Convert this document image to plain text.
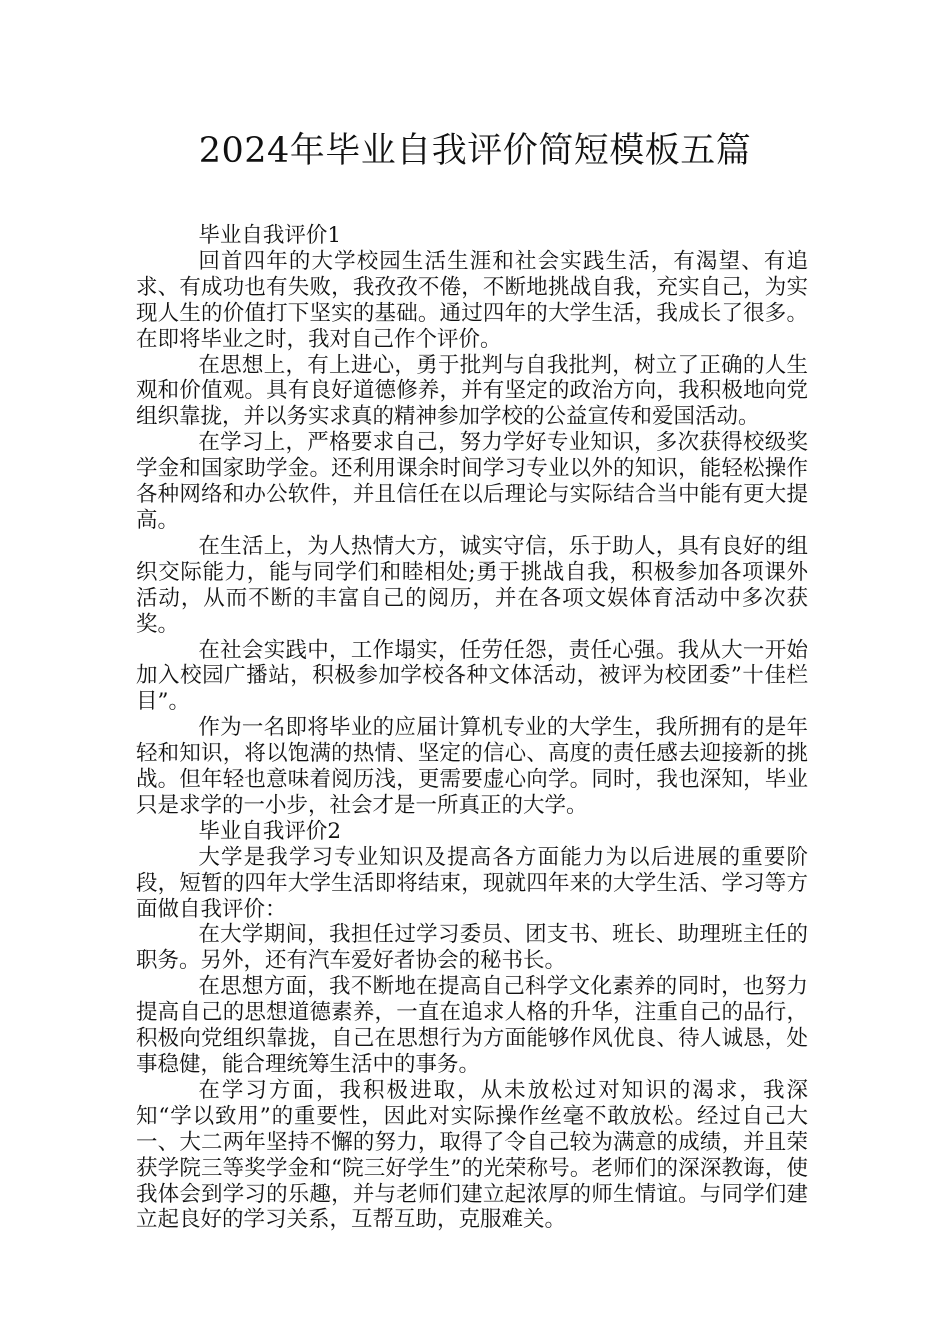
2024年毕业自我评价简短模板五篇

毕业自我评价1

回首四年的大学校园生活生涯和社会实践生活，有渴望、有追求、有成功也有失败，我孜孜不倦，不断地挑战自我，充实自己，为实现人生的价值打下坚实的基础。通过四年的大学生活，我成长了很多。在即将毕业之时，我对自己作个评价。

在思想上，有上进心，勇于批判与自我批判，树立了正确的人生观和价值观。具有良好道德修养，并有坚定的政治方向，我积极地向党组织靠拢，并以务实求真的精神参加学校的公益宣传和爱国活动。

在学习上，严格要求自己，努力学好专业知识，多次获得校级奖学金和国家助学金。还利用课余时间学习专业以外的知识，能轻松操作各种网络和办公软件，并且信任在以后理论与实际结合当中能有更大提高。

在生活上，为人热情大方，诚实守信，乐于助人，具有良好的组织交际能力，能与同学们和睦相处;勇于挑战自我，积极参加各项课外活动，从而不断的丰富自己的阅历，并在各项文娱体育活动中多次获奖。

在社会实践中，工作塌实，任劳任怨，责任心强。我从大一开始加入校园广播站，积极参加学校各种文体活动，被评为校团委”十佳栏目”。

作为一名即将毕业的应届计算机专业的大学生，我所拥有的是年轻和知识，将以饱满的热情、坚定的信心、高度的责任感去迎接新的挑战。但年轻也意味着阅历浅，更需要虚心向学。同时，我也深知，毕业只是求学的一小步，社会才是一所真正的大学。

毕业自我评价2

大学是我学习专业知识及提高各方面能力为以后进展的重要阶段，短暂的四年大学生活即将结束，现就四年来的大学生活、学习等方面做自我评价：

在大学期间，我担任过学习委员、团支书、班长、助理班主任的职务。另外，还有汽车爱好者协会的秘书长。

在思想方面，我不断地在提高自己科学文化素养的同时，也努力提高自己的思想道德素养，一直在追求人格的升华，注重自己的品行，积极向党组织靠拢，自己在思想行为方面能够作风优良、待人诚恳，处事稳健，能合理统筹生活中的事务。

在学习方面，我积极进取，从未放松过对知识的渴求，我深知“学以致用”的重要性，因此对实际操作丝毫不敢放松。经过自己大一、大二两年坚持不懈的努力，取得了令自己较为满意的成绩，并且荣获学院三等奖学金和“院三好学生”的光荣称号。老师们的深深教诲，使我体会到学习的乐趣，并与老师们建立起浓厚的师生情谊。与同学们建立起良好的学习关系，互帮互助，克服难关。
